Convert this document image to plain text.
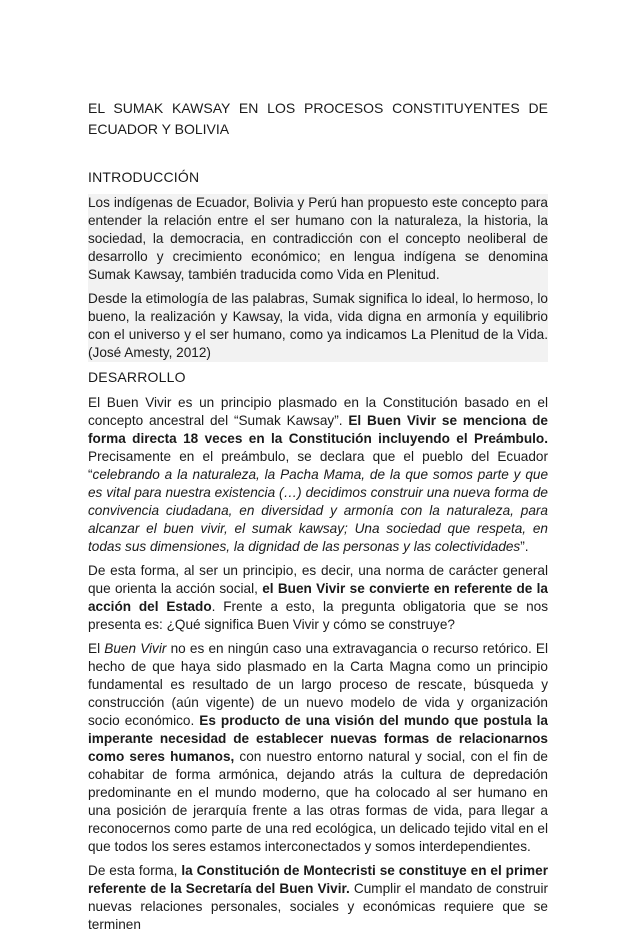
EL SUMAK KAWSAY EN LOS PROCESOS CONSTITUYENTES DE
ECUADOR Y BOLIVIA

INTRODUCCIÓN

Los indígenas de Ecuador, Bolivia y Perú han propuesto este concepto para entender la relación entre el ser humano con la naturaleza, la historia, la sociedad, la democracia, en contradicción con el concepto neoliberal de desarrollo y crecimiento económico; en lengua indígena se denomina Sumak Kawsay, también traducida como Vida en Plenitud.

Desde la etimología de las palabras, Sumak significa lo ideal, lo hermoso, lo bueno, la realización y Kawsay, la vida, vida digna en armonía y equilibrio con el universo y el ser humano, como ya indicamos La Plenitud de la Vida. (José Amesty, 2012)

DESARROLLO

El Buen Vivir es un principio plasmado en la Constitución basado en el concepto ancestral del “Sumak Kawsay”. El Buen Vivir se menciona de forma directa 18 veces en la Constitución incluyendo el Preámbulo. Precisamente en el preámbulo, se declara que el pueblo del Ecuador “celebrando a la naturaleza, la Pacha Mama, de la que somos parte y que es vital para nuestra existencia (…) decidimos construir una nueva forma de convivencia ciudadana, en diversidad y armonía con la naturaleza, para alcanzar el buen vivir, el sumak kawsay; Una sociedad que respeta, en todas sus dimensiones, la dignidad de las personas y las colectividades”.

De esta forma, al ser un principio, es decir, una norma de carácter general que orienta la acción social, el Buen Vivir se convierte en referente de la acción del Estado. Frente a esto, la pregunta obligatoria que se nos presenta es: ¿Qué significa Buen Vivir y cómo se construye?

El Buen Vivir no es en ningún caso una extravagancia o recurso retórico. El hecho de que haya sido plasmado en la Carta Magna como un principio fundamental es resultado de un largo proceso de rescate, búsqueda y construcción (aún vigente) de un nuevo modelo de vida y organización socio económico. Es producto de una visión del mundo que postula la imperante necesidad de establecer nuevas formas de relacionarnos como seres humanos, con nuestro entorno natural y social, con el fin de cohabitar de forma armónica, dejando atrás la cultura de depredación predominante en el mundo moderno, que ha colocado al ser humano en una posición de jerarquía frente a las otras formas de vida, para llegar a reconocernos como parte de una red ecológica, un delicado tejido vital en el que todos los seres estamos interconectados y somos interdependientes.

De esta forma, la Constitución de Montecristi se constituye en el primer referente de la Secretaría del Buen Vivir. Cumplir el mandato de construir nuevas relaciones personales, sociales y económicas requiere que se terminen
